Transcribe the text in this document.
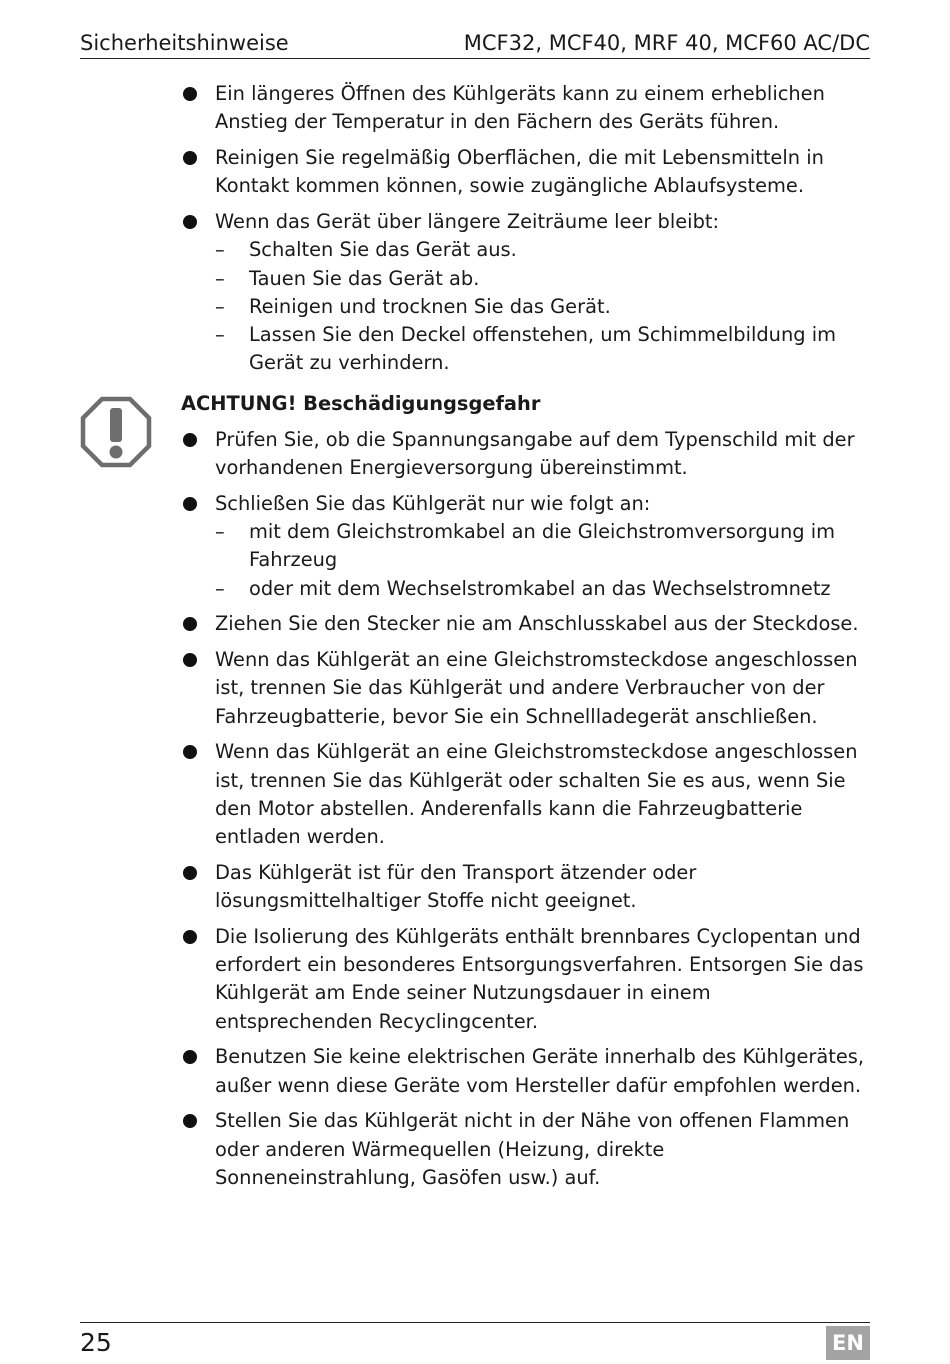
Sicherheitshinweise	MCF32, MCF40, MRF 40, MCF60 AC/DC
Ein längeres Öffnen des Kühlgeräts kann zu einem erheblichen Anstieg der Temperatur in den Fächern des Geräts führen.
Reinigen Sie regelmäßig Oberflächen, die mit Lebensmitteln in Kontakt kommen können, sowie zugängliche Ablaufsysteme.
Wenn das Gerät über längere Zeiträume leer bleibt:
– Schalten Sie das Gerät aus.
– Tauen Sie das Gerät ab.
– Reinigen und trocknen Sie das Gerät.
– Lassen Sie den Deckel offenstehen, um Schimmelbildung im Gerät zu verhindern.
ACHTUNG! Beschädigungsgefahr
Prüfen Sie, ob die Spannungsangabe auf dem Typenschild mit der vorhandenen Energieversorgung übereinstimmt.
Schließen Sie das Kühlgerät nur wie folgt an:
– mit dem Gleichstromkabel an die Gleichstromversorgung im Fahrzeug
– oder mit dem Wechselstromkabel an das Wechselstromnetz
Ziehen Sie den Stecker nie am Anschlusskabel aus der Steckdose.
Wenn das Kühlgerät an eine Gleichstromsteckdose angeschlossen ist, trennen Sie das Kühlgerät und andere Verbraucher von der Fahrzeugbatterie, bevor Sie ein Schnellladegerät anschließen.
Wenn das Kühlgerät an eine Gleichstromsteckdose angeschlossen ist, trennen Sie das Kühlgerät oder schalten Sie es aus, wenn Sie den Motor abstellen. Anderenfalls kann die Fahrzeugbatterie entladen werden.
Das Kühlgerät ist für den Transport ätzender oder lösungsmittelhaltiger Stoffe nicht geeignet.
Die Isolierung des Kühlgeräts enthält brennbares Cyclopentan und erfordert ein besonderes Entsorgungsverfahren. Entsorgen Sie das Kühlgerät am Ende seiner Nutzungsdauer in einem entsprechenden Recyclingcenter.
Benutzen Sie keine elektrischen Geräte innerhalb des Kühlgerätes, außer wenn diese Geräte vom Hersteller dafür empfohlen werden.
Stellen Sie das Kühlgerät nicht in der Nähe von offenen Flammen oder anderen Wärmequellen (Heizung, direkte Sonneneinstrahlung, Gasöfen usw.) auf.
25	EN
